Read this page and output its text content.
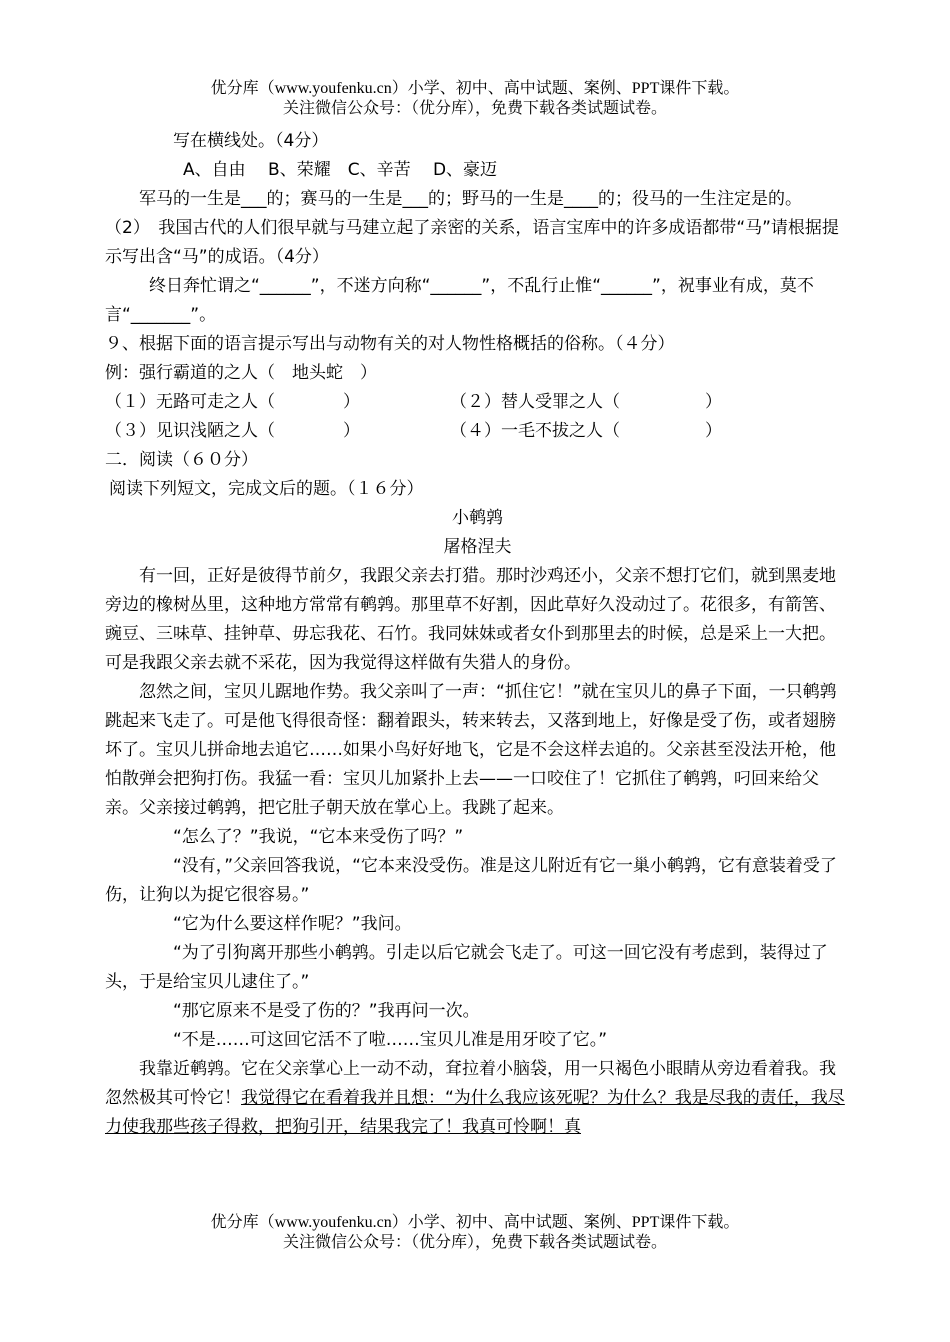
优分库（www.youfenku.cn）小学、初中、高中试题、案例、PPT课件下载。
关注微信公众号：（优分库），免费下载各类试题试卷。

写在横线处。（4分）

A、自由　 B、荣耀　C、辛苦　 D、豪迈

军马的一生是___的；赛马的一生是___的；野马的一生是____的；役马的一生注定是的。

（2）　我国古代的人们很早就与马建立起了亲密的关系，语言宝库中的许多成语都带“马”请根据提示写出含“马”的成语。（4分）

终日奔忙谓之“______”，不迷方向称“______”，不乱行止惟“______”，祝事业有成，莫不言“_______”。

９、根据下面的语言提示写出与动物有关的对人物性格概括的俗称。（４分）

例：强行霸道的之人（　地头蛇　）

（１）无路可走之人（　　　　）	（２）替人受罪之人（　　　　　）
（３）见识浅陋之人（　　　　）	（４）一毛不拔之人（　　　　　）

二．阅读（６０分）

阅读下列短文，完成文后的题。（１６分）

小鹌鹑

屠格涅夫

有一回，正好是彼得节前夕，我跟父亲去打猎。那时沙鸡还小，父亲不想打它们，就到黑麦地旁边的橡树丛里，这种地方常常有鹌鹑。那里草不好割，因此草好久没动过了。花很多，有箭筈、豌豆、三味草、挂钟草、毋忘我花、石竹。我同妹妹或者女仆到那里去的时候，总是采上一大把。可是我跟父亲去就不采花，因为我觉得这样做有失猎人的身份。

忽然之间，宝贝儿踞地作势。我父亲叫了一声：“抓住它！”就在宝贝儿的鼻子下面，一只鹌鹑跳起来飞走了。可是他飞得很奇怪：翻着跟头，转来转去，又落到地上，好像是受了伤，或者翅膀坏了。宝贝儿拼命地去追它……如果小鸟好好地飞，它是不会这样去追的。父亲甚至没法开枪，他怕散弹会把狗打伤。我猛一看：宝贝儿加紧扑上去——一口咬住了！它抓住了鹌鹑，叼回来给父亲。父亲接过鹌鹑，把它肚子朝天放在掌心上。我跳了起来。

“怎么了？”我说，“它本来受伤了吗？”

“没有，”父亲回答我说，“它本来没受伤。准是这儿附近有它一巢小鹌鹑，它有意装着受了伤，让狗以为捉它很容易。”

“它为什么要这样作呢？”我问。

“为了引狗离开那些小鹌鹑。引走以后它就会飞走了。可这一回它没有考虑到，装得过了头，于是给宝贝儿逮住了。”

“那它原来不是受了伤的？”我再问一次。

“不是……可这回它活不了啦……宝贝儿准是用牙咬了它。”

我靠近鹌鹑。它在父亲掌心上一动不动，耷拉着小脑袋，用一只褐色小眼睛从旁边看着我。我忽然极其可怜它！我觉得它在看着我并且想：“为什么我应该死呢？为什么？我是尽我的责任，我尽力使我那些孩子得救，把狗引开，结果我完了！我真可怜啊！真

优分库（www.youfenku.cn）小学、初中、高中试题、案例、PPT课件下载。
关注微信公众号：（优分库），免费下载各类试题试卷。
